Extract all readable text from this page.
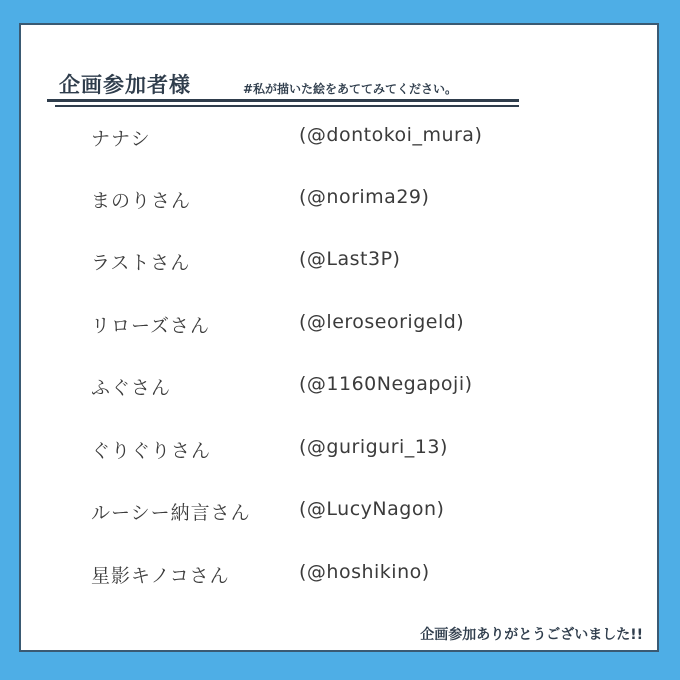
企画参加者様	#私が描いた絵をあててみてください。
ナナシ	(@dontokoi_mura)
まのりさん	(@norima29)
ラストさん	(@Last3P)
リローズさん	(@leroseorigeld)
ふぐさん	(@1160Negapoji)
ぐりぐりさん	(@guriguri_13)
ルーシー納言さん	(@LucyNagon)
星影キノコさん	(@hoshikino)
企画参加ありがとうございました!!
